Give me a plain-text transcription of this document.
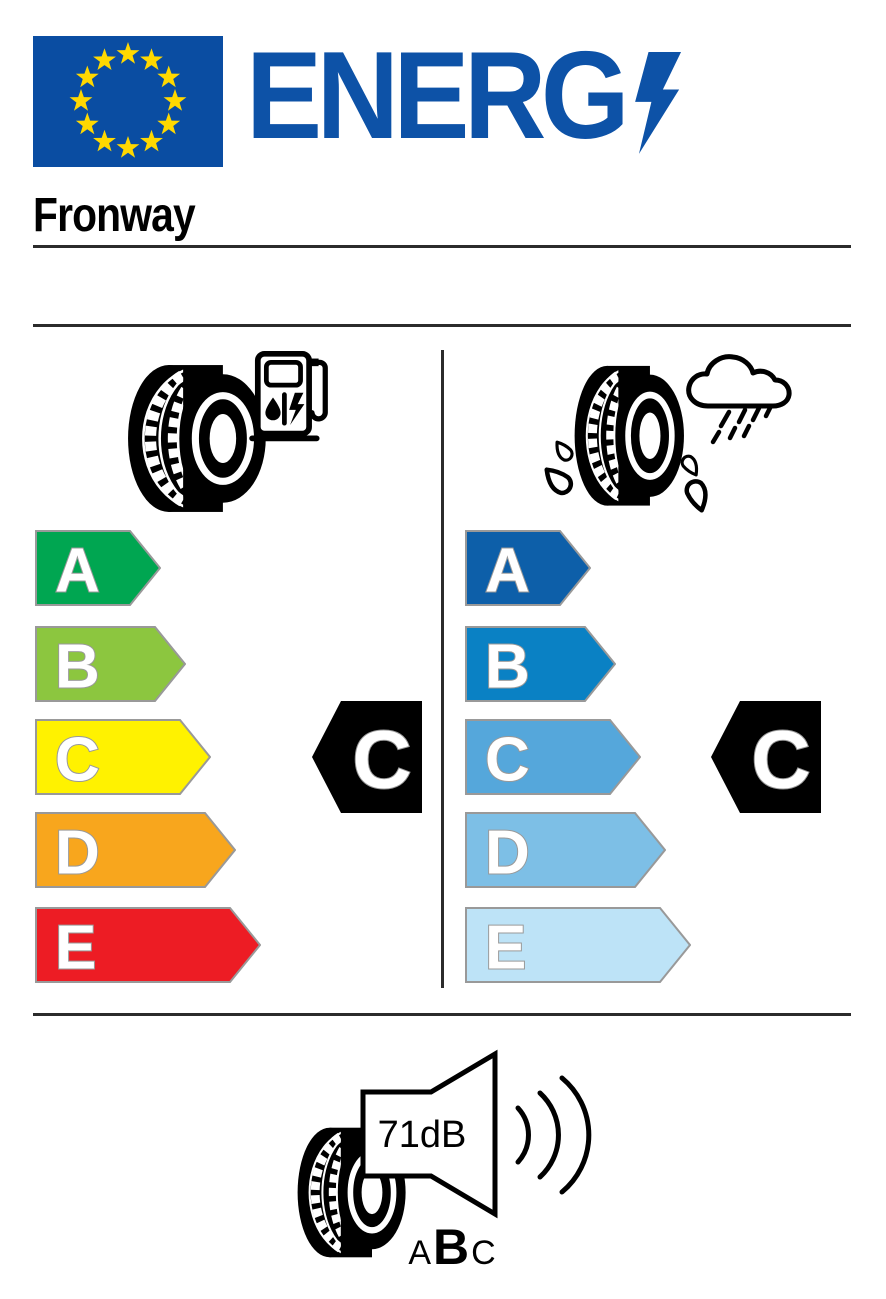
ENERG
Fronway
A
B
C
D
E
C
A
B
C
D
E
C
71dB
A B C
